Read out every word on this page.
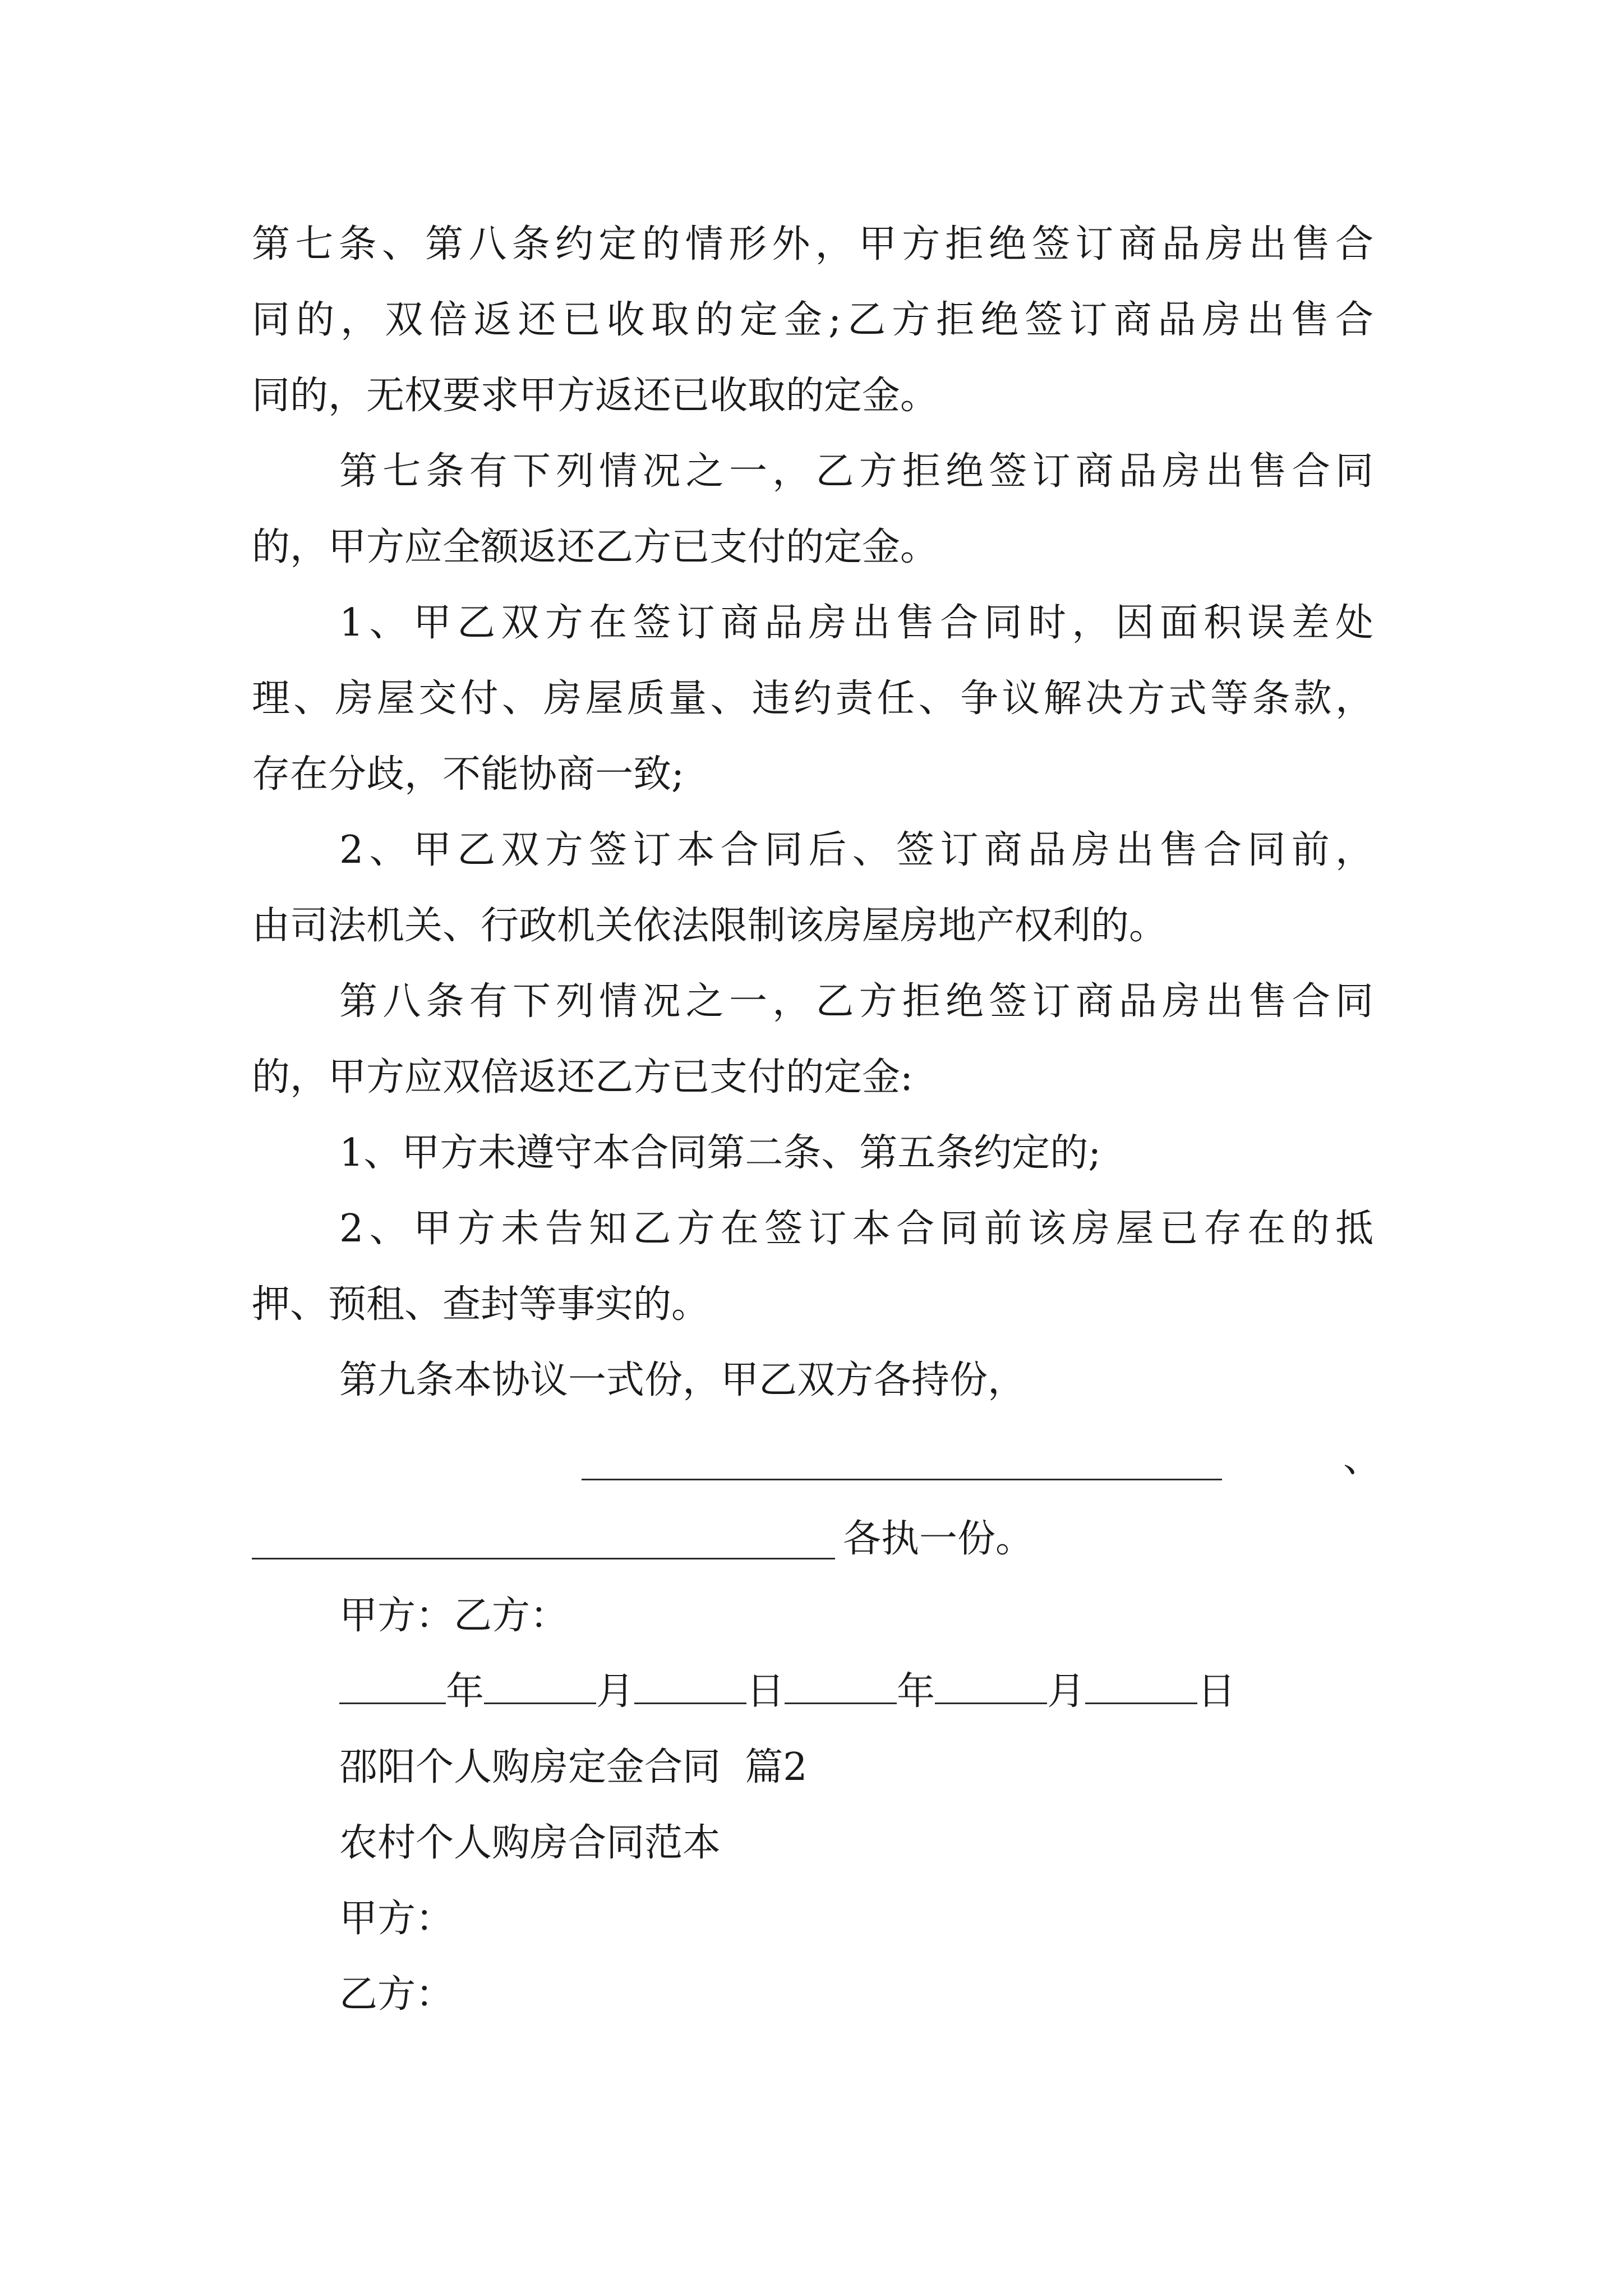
第七条、第八条约定的情形外，甲方拒绝签订商品房出售合
同的，双倍返还已收取的定金;乙方拒绝签订商品房出售合
同的，无权要求甲方返还已收取的定金。
第七条有下列情况之一，乙方拒绝签订商品房出售合同
的，甲方应全额返还乙方已支付的定金。
1、甲乙双方在签订商品房出售合同时，因面积误差处
理、房屋交付、房屋质量、违约责任、争议解决方式等条款，
存在分歧，不能协商一致;
2、甲乙双方签订本合同后、签订商品房出售合同前，
由司法机关、行政机关依法限制该房屋房地产权利的。
第八条有下列情况之一，乙方拒绝签订商品房出售合同
的，甲方应双倍返还乙方已支付的定金:
1、甲方未遵守本合同第二条、第五条约定的;
2、甲方未告知乙方在签订本合同前该房屋已存在的抵
押、预租、查封等事实的。
第九条本协议一式份，甲乙双方各持份，
、
各执一份。
甲方：乙方：
年	月	日	年	月	日
邵阳个人购房定金合同  篇2
农村个人购房合同范本
甲方：
乙方：
